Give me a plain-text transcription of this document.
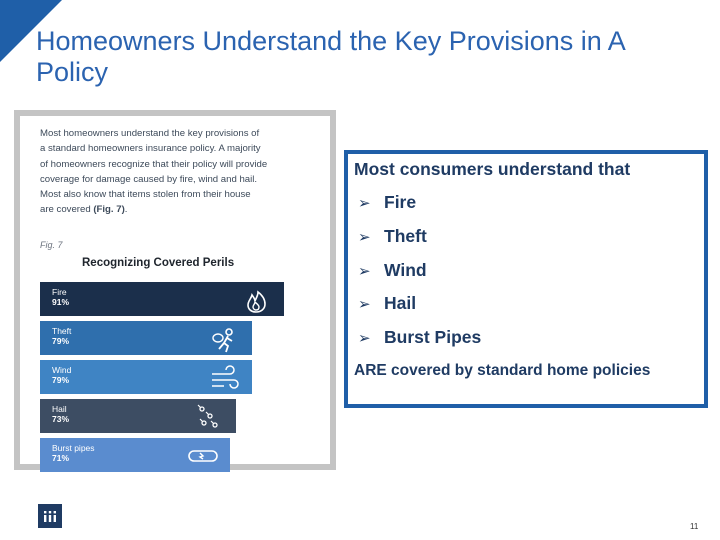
Homeowners Understand the Key Provisions in A Policy
Most homeowners understand the key provisions of
a standard homeowners insurance policy. A majority
of homeowners recognize that their policy will provide
coverage for damage caused by fire, wind and hail.
Most also know that items stolen from their house
are covered (Fig. 7).
Fig. 7
Recognizing Covered Perils
Fire
91%
Theft
79%
Wind
79%
Hail
73%
Burst pipes
71%
Most consumers understand that
➢ Fire
➢ Theft
➢ Wind
➢ Hail
➢ Burst Pipes
ARE covered by standard home policies
11
